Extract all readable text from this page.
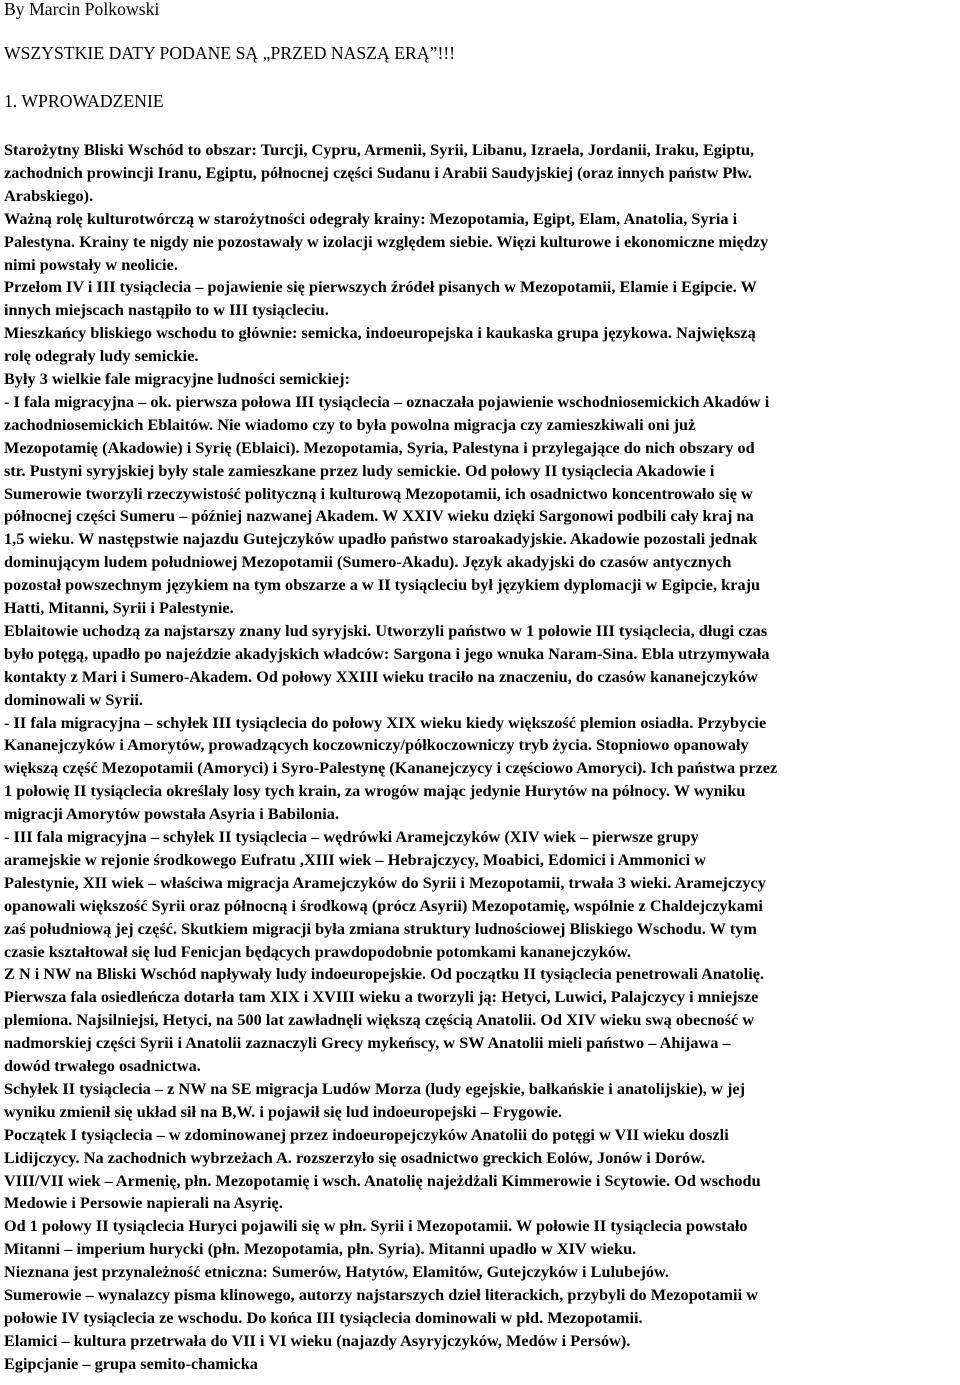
By Marcin Polkowski
WSZYSTKIE DATY PODANE SĄ „PRZED NASZĄ ERĄ”!!!
1. WPROWADZENIE
Starożytny Bliski Wschód to obszar: Turcji, Cypru, Armenii, Syrii, Libanu, Izraela, Jordanii, Iraku, Egiptu,
zachodnich prowincji Iranu, Egiptu, północnej części Sudanu i Arabii Saudyjskiej (oraz innych państw Płw.
Arabskiego).
Ważną rolę kulturotwórczą w starożytności odegrały krainy: Mezopotamia, Egipt, Elam, Anatolia, Syria i
Palestyna. Krainy te nigdy nie pozostawały w izolacji względem siebie. Więzi kulturowe i ekonomiczne między
nimi powstały w neolicie.
Przełom IV i III tysiąclecia – pojawienie się pierwszych źródeł pisanych w Mezopotamii, Elamie i Egipcie. W
innych miejscach nastąpiło to w III tysiącleciu.
Mieszkańcy bliskiego wschodu to głównie: semicka, indoeuropejska i kaukaska grupa językowa. Największą
rolę odegrały ludy semickie.
Były 3 wielkie fale migracyjne ludności semickiej:
- I fala migracyjna – ok. pierwsza połowa III tysiąclecia – oznaczała pojawienie wschodniosemickich Akadów i
zachodniosemickich Eblaitów. Nie wiadomo czy to była powolna migracja czy zamieszkiwali oni już
Mezopotamię (Akadowie) i Syrię (Eblaici). Mezopotamia, Syria, Palestyna i przylegające do nich obszary od
str. Pustyni syryjskiej były stale zamieszkane przez ludy semickie. Od połowy II tysiąclecia Akadowie i
Sumerowie tworzyli rzeczywistość polityczną i kulturową Mezopotamii, ich osadnictwo koncentrowało się w
północnej części Sumeru – później nazwanej Akadem. W XXIV wieku dzięki Sargonowi podbili cały kraj na
1,5 wieku. W następstwie najazdu Gutejczyków upadło państwo staroakadyjskie. Akadowie pozostali jednak
dominującym ludem południowej Mezopotamii (Sumero-Akadu). Język akadyjski do czasów antycznych
pozostał powszechnym językiem na tym obszarze a w II tysiącleciu był językiem dyplomacji w Egipcie, kraju
Hatti, Mitanni, Syrii i Palestynie.
Eblaitowie uchodzą za najstarszy znany lud syryjski. Utworzyli państwo w 1 połowie III tysiąclecia, długi czas
było potęgą, upadło po najeździe akadyjskich władców: Sargona i jego wnuka Naram-Sina. Ebla utrzymywała
kontakty z Mari i Sumero-Akadem. Od połowy XXIII wieku traciło na znaczeniu, do czasów kananejczyków
dominowali w Syrii.
- II fala migracyjna – schyłek III tysiąclecia do połowy XIX wieku kiedy większość plemion osiadła. Przybycie
Kananejczyków i Amorytów, prowadzących koczowniczy/półkoczowniczy tryb życia. Stopniowo opanowały
większą część Mezopotamii (Amoryci) i Syro-Palestynę (Kananejczycy i częściowo Amoryci). Ich państwa przez
1 połowię II tysiąclecia określały losy tych krain, za wrogów mając jedynie Hurytów na północy. W wyniku
migracji Amorytów powstała Asyria i Babilonia.
- III fala migracyjna – schyłek II tysiąclecia – wędrówki Aramejczyków (XIV wiek – pierwsze grupy
aramejskie w rejonie środkowego Eufratu ,XIII wiek – Hebrajczycy, Moabici, Edomici i Ammonici w
Palestynie, XII wiek – właściwa migracja Aramejczyków do Syrii i Mezopotamii, trwała 3 wieki. Aramejczycy
opanowali większość Syrii oraz północną i środkową (prócz Asyrii) Mezopotamię, wspólnie z Chaldejczykami
zaś południową jej część. Skutkiem migracji była zmiana struktury ludnościowej Bliskiego Wschodu. W tym
czasie kształtował się lud Fenicjan będących prawdopodobnie potomkami kananejczyków.
Z N i NW na Bliski Wschód napływały ludy indoeuropejskie. Od początku II tysiąclecia penetrowali Anatolię.
Pierwsza fala osiedleńcza dotarła tam XIX i XVIII wieku a tworzyli ją: Hetyci, Luwici, Palajczycy i mniejsze
plemiona. Najsilniejsi, Hetyci, na 500 lat zawładnęli większą częścią Anatolii. Od XIV wieku swą obecność w
nadmorskiej części Syrii i Anatolii zaznaczyli Grecy mykeńscy, w SW Anatolii mieli państwo – Ahijawa –
dowód trwałego osadnictwa.
Schyłek II tysiąclecia – z NW na SE migracja Ludów Morza (ludy egejskie, bałkańskie i anatolijskie), w jej
wyniku zmienił się układ sił na B,W. i pojawił się lud indoeuropejski – Frygowie.
Początek I tysiąclecia – w zdominowanej przez indoeuropejczyków Anatolii do potęgi w VII wieku doszli
Lidijczycy. Na zachodnich wybrzeżach A. rozszerzyło się osadnictwo greckich Eolów, Jonów i Dorów.
VIII/VII wiek – Armenię, płn. Mezopotamię i wsch. Anatolię najeżdżali Kimmerowie i Scytowie. Od wschodu
Medowie i Persowie napierali na Asyrię.
Od 1 połowy II tysiąclecia Huryci pojawili się w płn. Syrii i Mezopotamii. W połowie II tysiąclecia powstało
Mitanni – imperium hurycki (płn. Mezopotamia, płn. Syria). Mitanni upadło w XIV wieku.
Nieznana jest przynależność etniczna: Sumerów, Hatytów, Elamitów, Gutejczyków i Lulubejów.
Sumerowie – wynalazcy pisma klinowego, autorzy najstarszych dzieł literackich, przybyli do Mezopotamii w
połowie IV tysiąclecia ze wschodu. Do końca III tysiąclecia dominowali w płd. Mezopotamii.
Elamici – kultura przetrwała do VII i VI wieku (najazdy Asyryjczyków, Medów i Persów).
Egipcjanie – grupa semito-chamicka
